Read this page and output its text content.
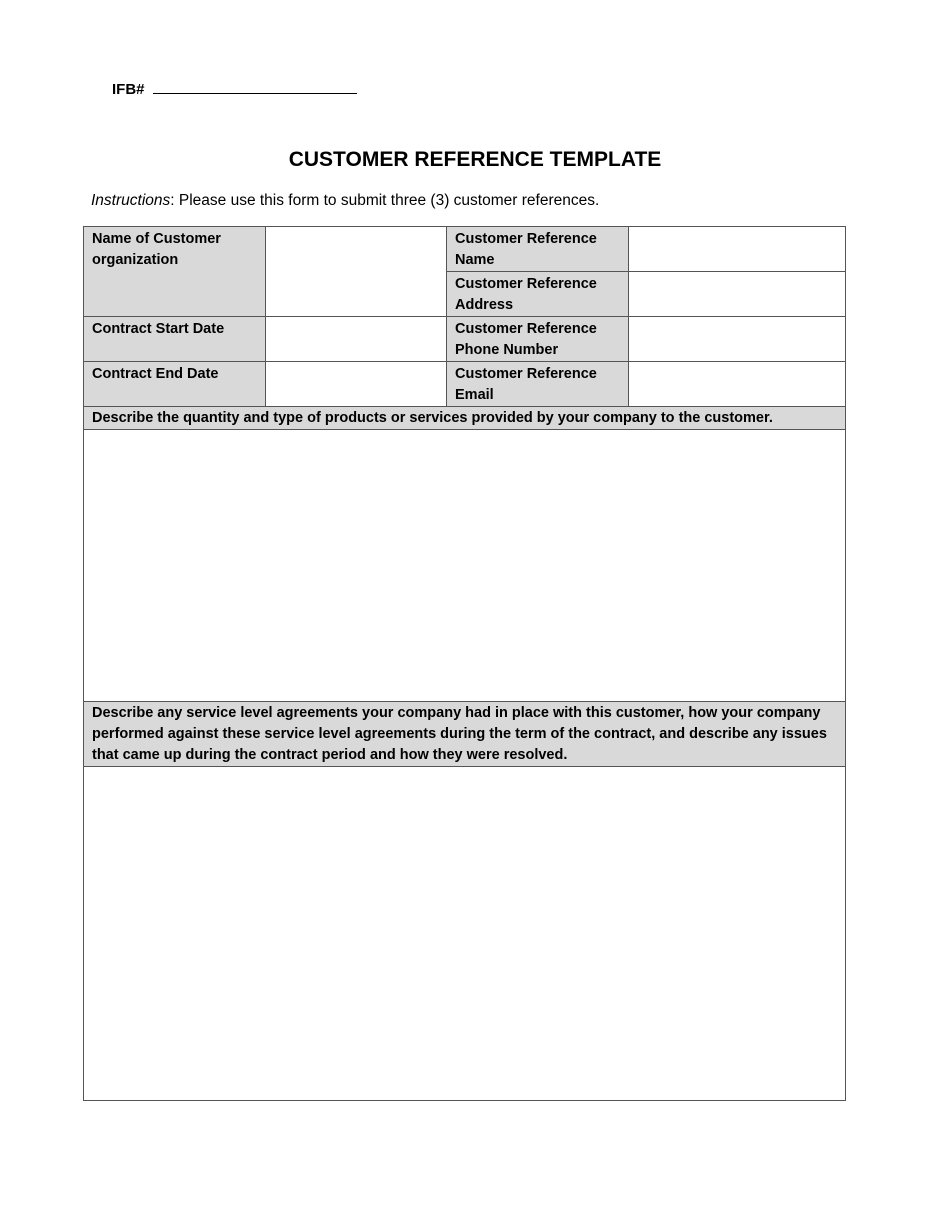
IFB#
CUSTOMER REFERENCE TEMPLATE
Instructions: Please use this form to submit three (3) customer references.
Name of Customer organization		Customer Reference Name	
		Customer Reference Address	
Contract Start Date		Customer Reference Phone Number	
Contract End Date		Customer Reference Email	
Describe the quantity and type of products or services provided by your company to the customer.			

Describe any service level agreements your company had in place with this customer, how your company performed against these service level agreements during the term of the contract, and describe any issues that came up during the contract period and how they were resolved.			
